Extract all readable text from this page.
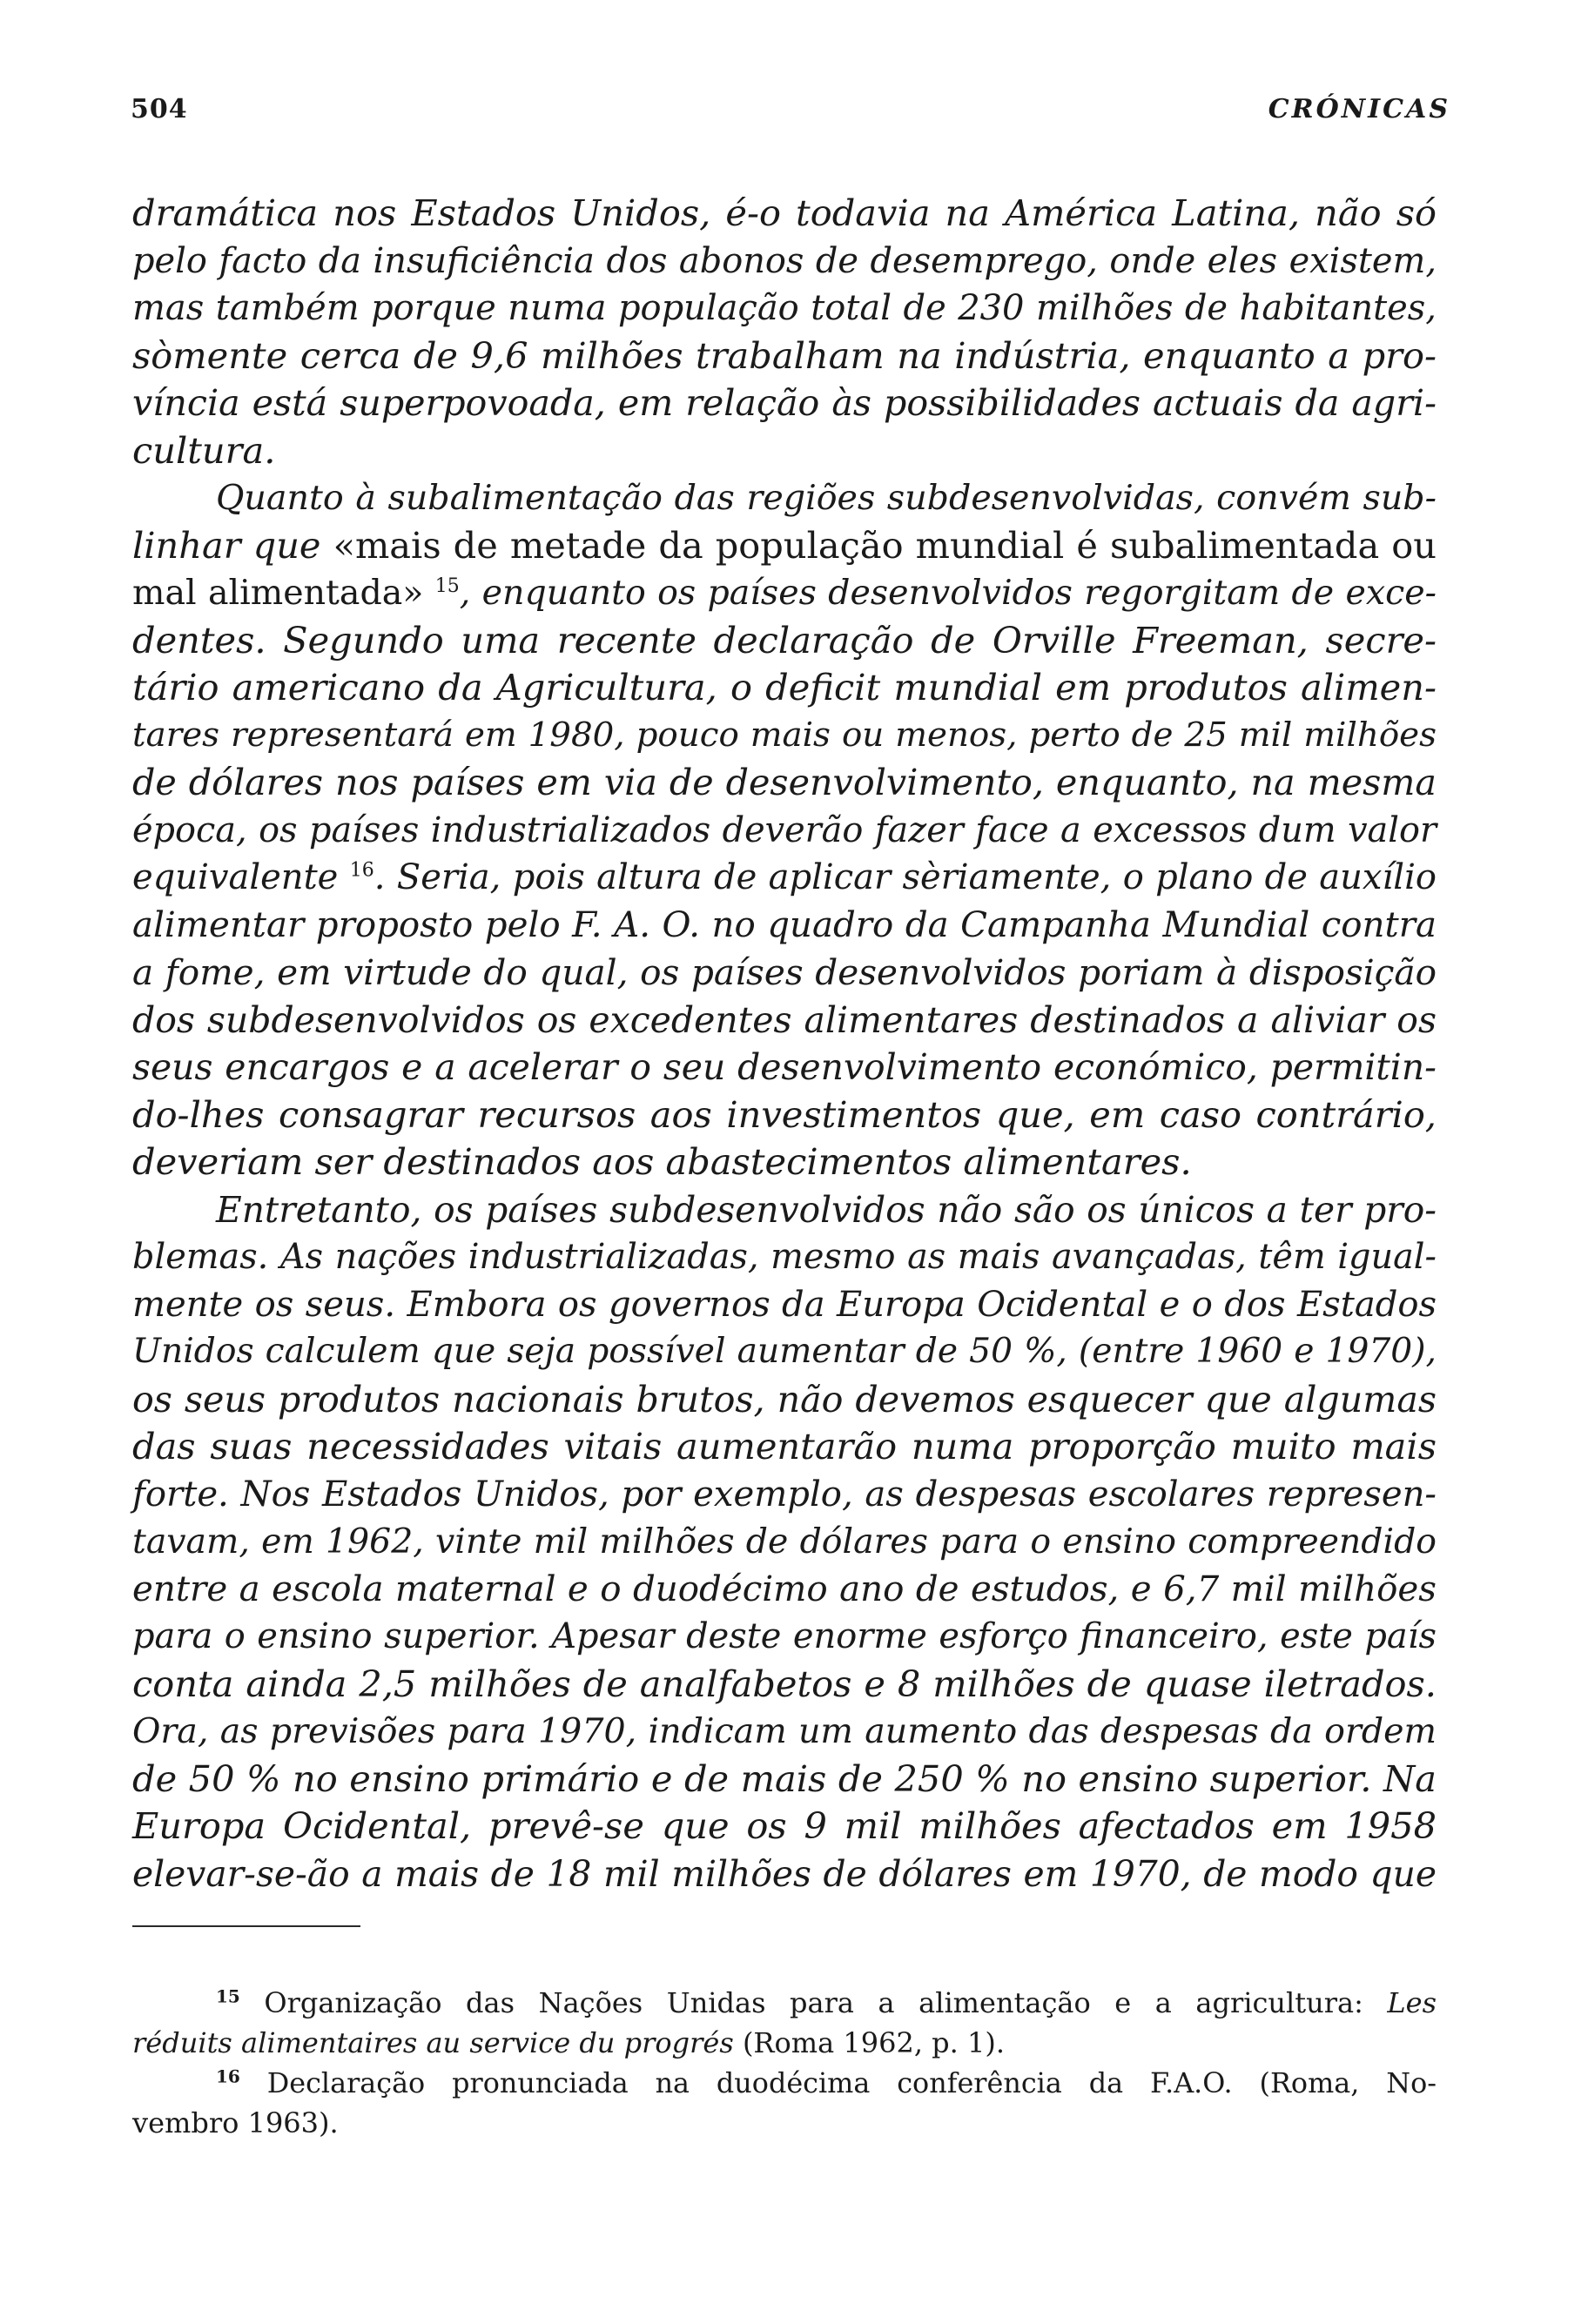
504	CRÓNICAS
dramática nos Estados Unidos, é-o todavia na América Latina, não só
pelo facto da insuficiência dos abonos de desemprego, onde eles existem,
mas também porque numa população total de 230 milhões de habitantes,
sòmente cerca de 9,6 milhões trabalham na indústria, enquanto a pro-
víncia está superpovoada, em relação às possibilidades actuais da agri-
cultura.
Quanto à subalimentação das regiões subdesenvolvidas, convém sub-
linhar que «mais de metade da população mundial é subalimentada ou
mal alimentada» $^{15}$, enquanto os países desenvolvidos regorgitam de exce-
dentes. Segundo uma recente declaração de Orville Freeman, secre-
tário americano da Agricultura, o deficit mundial em produtos alimen-
tares representará em 1980, pouco mais ou menos, perto de 25 mil milhões
de dólares nos países em via de desenvolvimento, enquanto, na mesma
época, os países industrializados deverão fazer face a excessos dum valor
equivalente $^{16}$. Seria, pois altura de aplicar sèriamente, o plano de auxílio
alimentar proposto pelo F. A. O. no quadro da Campanha Mundial contra
a fome, em virtude do qual, os países desenvolvidos poriam à disposição
dos subdesenvolvidos os excedentes alimentares destinados a aliviar os
seus encargos e a acelerar o seu desenvolvimento económico, permitin-
do-lhes consagrar recursos aos investimentos que, em caso contrário,
deveriam ser destinados aos abastecimentos alimentares.
Entretanto, os países subdesenvolvidos não são os únicos a ter pro-
blemas. As nações industrializadas, mesmo as mais avançadas, têm igual-
mente os seus. Embora os governos da Europa Ocidental e o dos Estados
Unidos calculem que seja possível aumentar de 50 %, (entre 1960 e 1970),
os seus produtos nacionais brutos, não devemos esquecer que algumas
das suas necessidades vitais aumentarão numa proporção muito mais
forte. Nos Estados Unidos, por exemplo, as despesas escolares represen-
tavam, em 1962, vinte mil milhões de dólares para o ensino compreendido
entre a escola maternal e o duodécimo ano de estudos, e 6,7 mil milhões
para o ensino superior. Apesar deste enorme esforço financeiro, este país
conta ainda 2,5 milhões de analfabetos e 8 milhões de quase iletrados.
Ora, as previsões para 1970, indicam um aumento das despesas da ordem
de 50 % no ensino primário e de mais de 250 % no ensino superior. Na
Europa Ocidental, prevê-se que os 9 mil milhões afectados em 1958
elevar-se-ão a mais de 18 mil milhões de dólares em 1970, de modo que
$^{15}$ Organização das Nações Unidas para a alimentação e a agricultura: Les
réduits alimentaires au service du progrés (Roma 1962, p. 1).
$^{16}$ Declaração pronunciada na duodécima conferência da F.A.O. (Roma, No-
vembro 1963).
